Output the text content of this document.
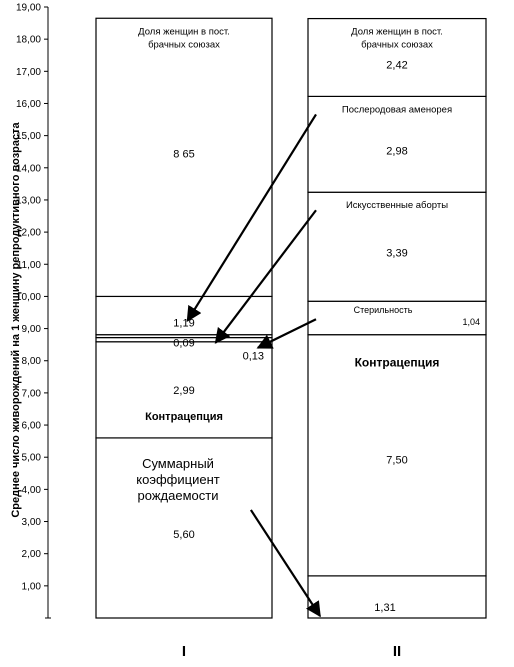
Среднее число живорождений на 1 женщину репродуктивного возраста
19,00
18,00
17,00
16,00
15,00
14,00
13,00
12,00
11,00
10,00
9,00
8,00
7,00
6,00
5,00
4,00
3,00
2,00
1,00
Суммарный
коэффициент
рождаемости
5,60
Контрацепция
2,99
0,13
0,09
1,19
Доля женщин в пост.
брачных союзах
8 65
1,31
Контрацепция
7,50
Стерильность
1,04
Искусственные аборты
3,39
Послеродовая аменорея
2,98
Доля женщин в пост.
брачных союзах
2,42
I	II
